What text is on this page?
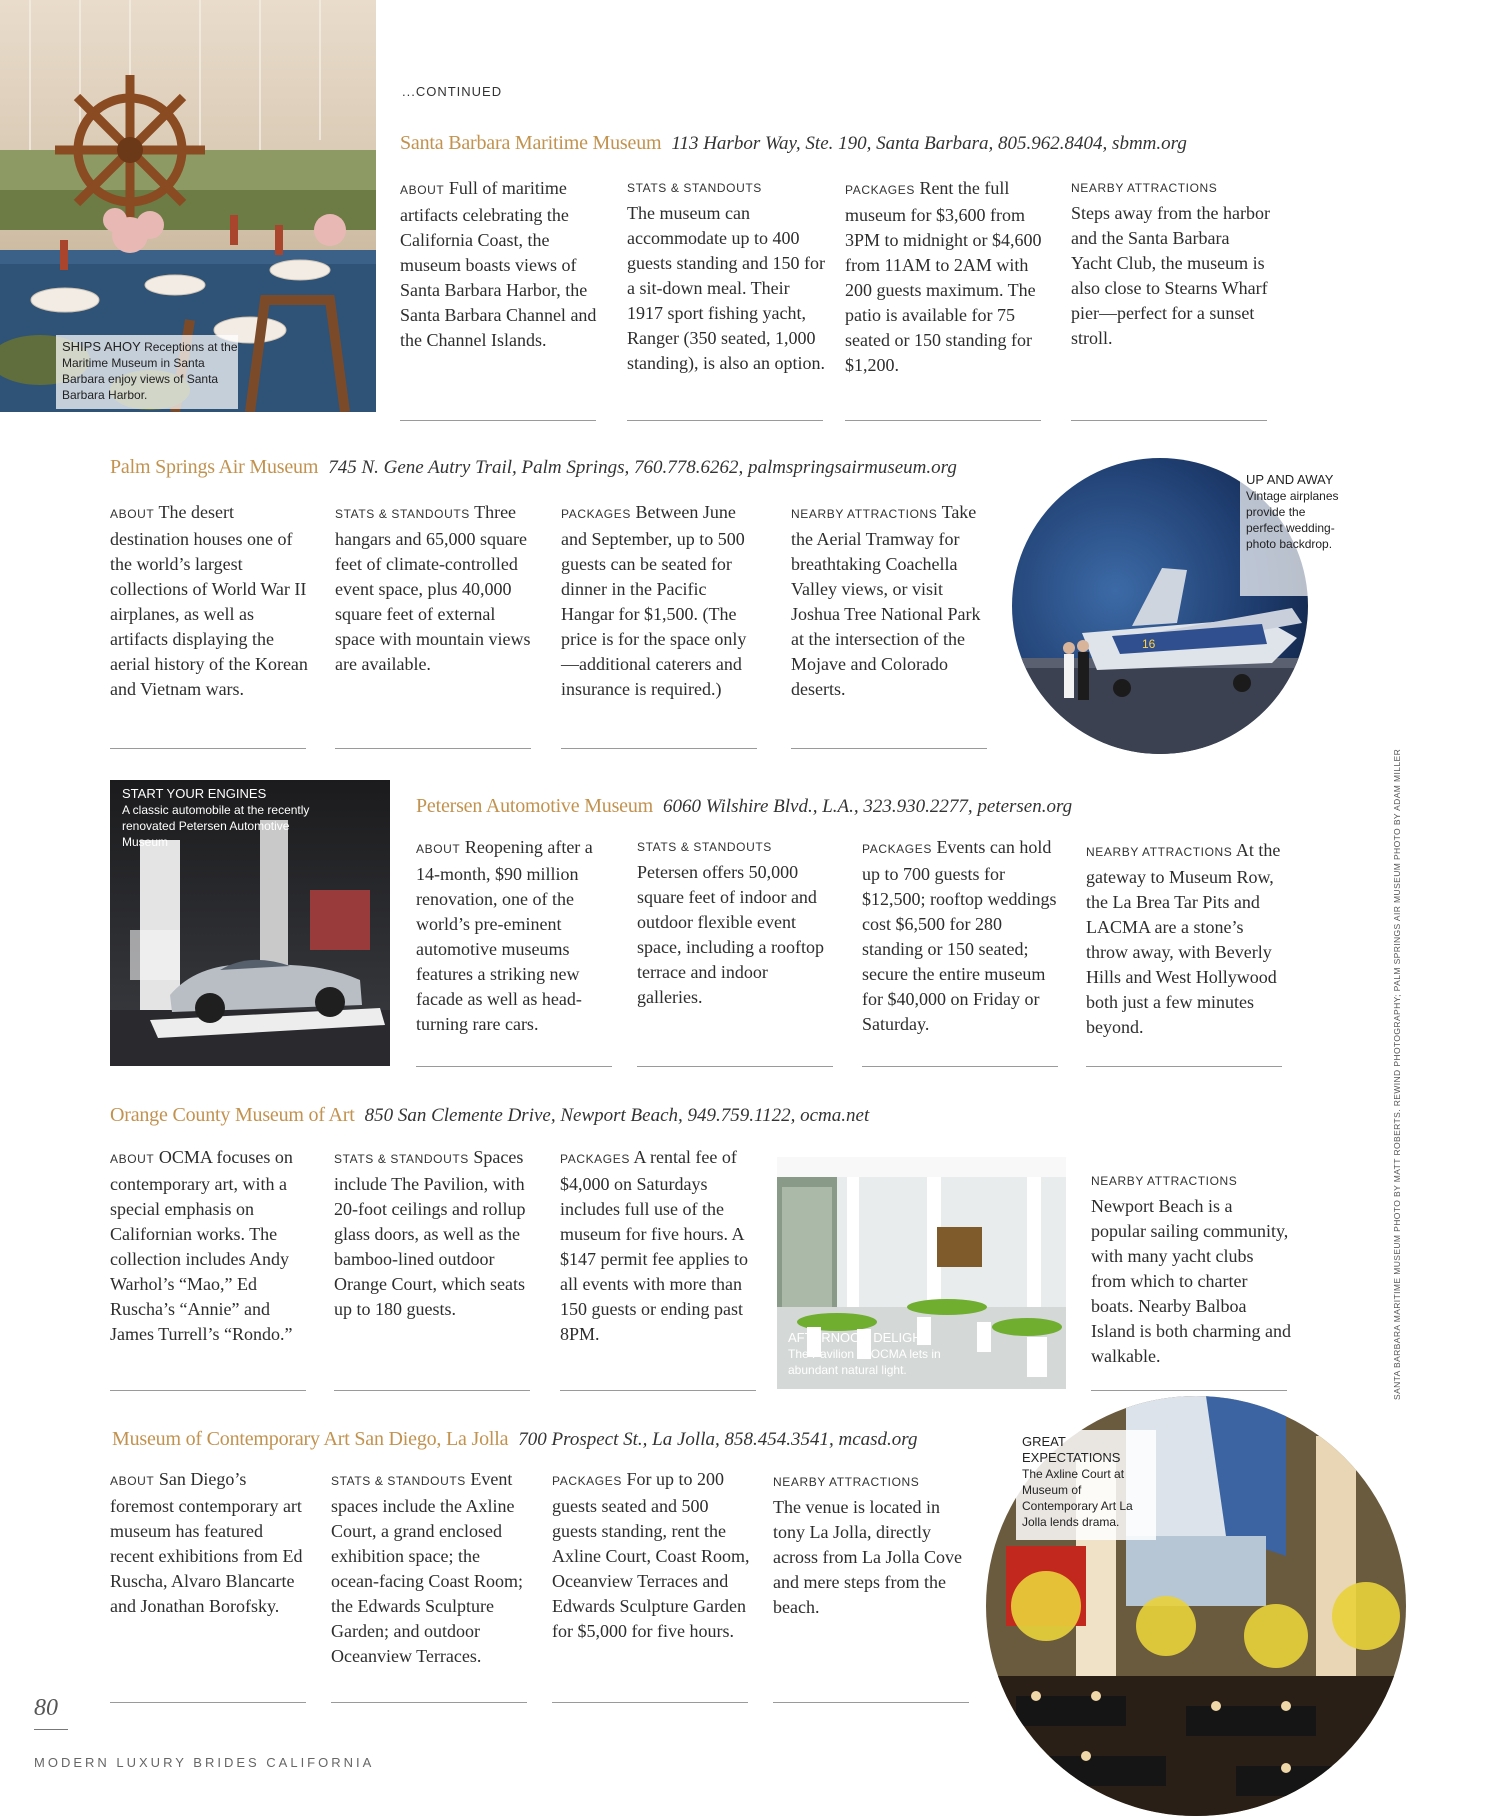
SHIPS AHOY Receptions at the Maritime Museum in Santa Barbara enjoy views of Santa Barbara Harbor.
...CONTINUED
Santa Barbara Maritime Museum 113 Harbor Way, Ste. 190, Santa Barbara, 805.962.8404, sbmm.org
ABOUT Full of maritime artifacts celebrating the California Coast, the museum boasts views of Santa Barbara Harbor, the Santa Barbara Channel and the Channel Islands.
STATS & STANDOUTS
The museum can accommodate up to 400 guests standing and 150 for a sit-down meal. Their 1917 sport fishing yacht, Ranger (350 seated, 1,000 standing), is also an option.
PACKAGES Rent the full museum for $3,600 from 3PM to midnight or $4,600 from 11AM to 2AM with 200 guests maximum. The patio is available for 75 seated or 150 standing for $1,200.
NEARBY ATTRACTIONS
Steps away from the harbor and the Santa Barbara Yacht Club, the museum is also close to Stearns Wharf pier—perfect for a sunset stroll.
Palm Springs Air Museum 745 N. Gene Autry Trail, Palm Springs, 760.778.6262, palmspringsairmuseum.org
ABOUT The desert destination houses one of the world’s largest collections of World War II airplanes, as well as artifacts displaying the aerial history of the Korean and Vietnam wars.
STATS & STANDOUTS Three hangars and 65,000 square feet of climate-controlled event space, plus 40,000 square feet of external space with mountain views are available.
PACKAGES Between June and September, up to 500 guests can be seated for dinner in the Pacific Hangar for $1,500. (The price is for the space only—additional caterers and insurance is required.)
NEARBY ATTRACTIONS Take the Aerial Tramway for breathtaking Coachella Valley views, or visit Joshua Tree National Park at the intersection of the Mojave and Colorado deserts.
16
UP AND AWAY Vintage airplanes provide the perfect wedding-photo backdrop.
START YOUR ENGINES
A classic automobile at the recently renovated Petersen Automotive Museum
Petersen Automotive Museum 6060 Wilshire Blvd., L.A., 323.930.2277, petersen.org
ABOUT Reopening after a 14-month, $90 million renovation, one of the world’s pre-eminent automotive museums features a striking new facade as well as head-turning rare cars.
STATS & STANDOUTS
Petersen offers 50,000 square feet of indoor and outdoor flexible event space, including a rooftop terrace and indoor galleries.
PACKAGES Events can hold up to 700 guests for $12,500; rooftop weddings cost $6,500 for 280 standing or 150 seated; secure the entire museum for $40,000 on Friday or Saturday.
NEARBY ATTRACTIONS At the gateway to Museum Row, the La Brea Tar Pits and LACMA are a stone’s throw away, with Beverly Hills and West Hollywood both just a few minutes beyond.
Orange County Museum of Art 850 San Clemente Drive, Newport Beach, 949.759.1122, ocma.net
ABOUT OCMA focuses on contemporary art, with a special emphasis on Californian works. The collection includes Andy Warhol’s “Mao,” Ed Ruscha’s “Annie” and James Turrell’s “Rondo.”
STATS & STANDOUTS Spaces include The Pavilion, with 20-foot ceilings and rollup glass doors, as well as the bamboo-lined outdoor Orange Court, which seats up to 180 guests.
PACKAGES A rental fee of $4,000 on Saturdays includes full use of the museum for five hours. A $147 permit fee applies to all events with more than 150 guests or ending past 8PM.
NEARBY ATTRACTIONS
Newport Beach is a popular sailing community, with many yacht clubs from which to charter boats. Nearby Balboa Island is both charming and walkable.
AFTERNOON DELIGHT
The Pavilion at OCMA lets in abundant natural light.
Museum of Contemporary Art San Diego, La Jolla 700 Prospect St., La Jolla, 858.454.3541, mcasd.org
ABOUT San Diego’s foremost contemporary art museum has featured recent exhibitions from Ed Ruscha, Alvaro Blancarte and Jonathan Borofsky.
STATS & STANDOUTS Event spaces include the Axline Court, a grand enclosed exhibition space; the ocean-facing Coast Room; the Edwards Sculpture Garden; and outdoor Oceanview Terraces.
PACKAGES For up to 200 guests seated and 500 guests standing, rent the Axline Court, Coast Room, Oceanview Terraces and Edwards Sculpture Garden for $5,000 for five hours.
NEARBY ATTRACTIONS
The venue is located in tony La Jolla, directly across from La Jolla Cove and mere steps from the beach.
GREAT EXPECTATIONS
The Axline Court at Museum of Contemporary Art La Jolla lends drama.
80
MODERN LUXURY BRIDES CALIFORNIA
SANTA BARBARA MARITIME MUSEUM PHOTO BY MATT ROBERTS. REWIND PHOTOGRAPHY; PALM SPRINGS AIR MUSEUM PHOTO BY ADAM MILLER
